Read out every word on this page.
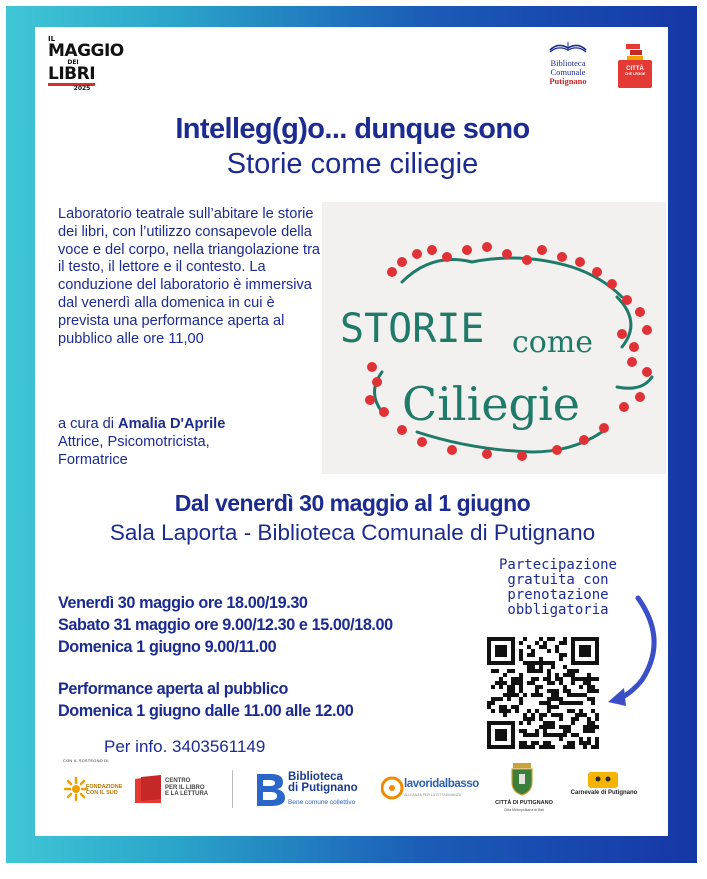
IL
MAGGIO
DEI
LIBRI
2025
Biblioteca
Comunale
Putignano
CITTÀ
CHE LEGGE
Intelleg(g)o... dunque sono
Storie come ciliegie

Laboratorio teatrale sull’abitare le storie dei libri, con l’utilizzo consapevole della voce e del corpo, nella triangolazione tra il testo, il lettore e il contesto. La conduzione del laboratorio è immersiva dal venerdì alla domenica in cui è prevista una performance aperta al pubblico alle ore 11,00

a cura di Amalia D'Aprile
Attrice, Psicomotricista,
Formatrice
STORIE come
Ciliegie
Dal venerdì 30 maggio al 1 giugno
Sala Laporta - Biblioteca Comunale di Putignano
Partecipazione
gratuita con
prenotazione
obbligatoria
Venerdì 30 maggio ore 18.00/19.30
Sabato 31 maggio ore 9.00/12.30 e 15.00/18.00
Domenica 1 giugno 9.00/11.00
Performance aperta al pubblico
Domenica 1 giugno dalle 11.00 alle 12.00
Per info. 3403561149
CON IL SOSTEGNO DI
FONDAZIONE CON IL SUD
CENTRO
PER IL LIBRO
E LA LETTURA
Biblioteca
di Putignano
Bene comune collettivo
lavoridalbasso
ALLEANZA PER LA CITTADINANZA
CITTÀ DI PUTIGNANO
Città Metropolitana di Bari
Carnevale di Putignano
